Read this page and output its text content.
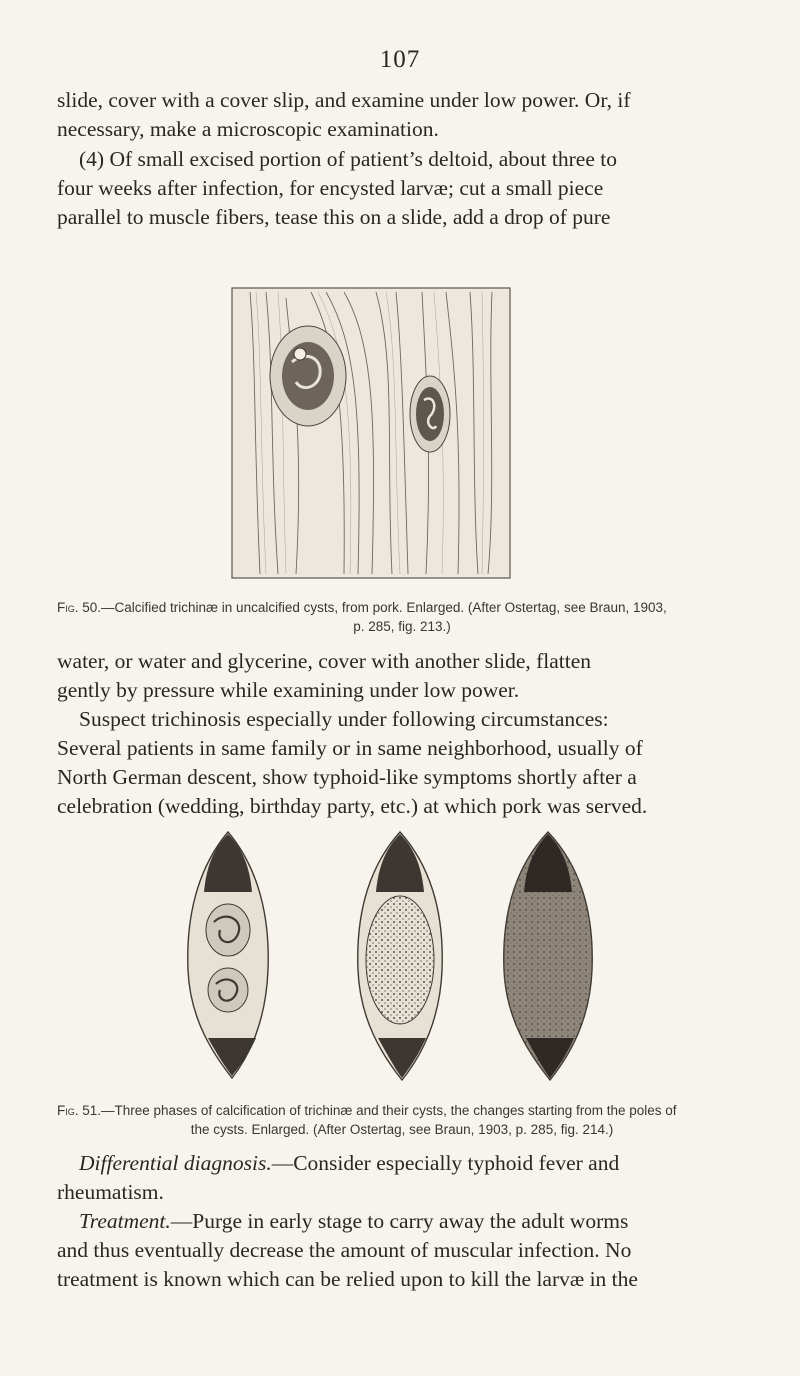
107

slide, cover with a cover slip, and examine under low power. Or, if
necessary, make a microscopic examination.

(4) Of small excised portion of patient’s deltoid, about three to
four weeks after infection, for encysted larvæ; cut a small piece
parallel to muscle fibers, tease this on a slide, add a drop of pure

Fig. 50.—Calcified trichinæ in uncalcified cysts, from pork. Enlarged. (After Ostertag, see Braun, 1903,
p. 285, fig. 213.)

water, or water and glycerine, cover with another slide, flatten
gently by pressure while examining under low power.

Suspect trichinosis especially under following circumstances:
Several patients in same family or in same neighborhood, usually of
North German descent, show typhoid-like symptoms shortly after a
celebration (wedding, birthday party, etc.) at which pork was served.

Fig. 51.—Three phases of calcification of trichinæ and their cysts, the changes starting from the poles of
the cysts. Enlarged. (After Ostertag, see Braun, 1903, p. 285, fig. 214.)

Differential diagnosis.—Consider especially typhoid fever and
rheumatism.

Treatment.—Purge in early stage to carry away the adult worms
and thus eventually decrease the amount of muscular infection. No
treatment is known which can be relied upon to kill the larvæ in the
